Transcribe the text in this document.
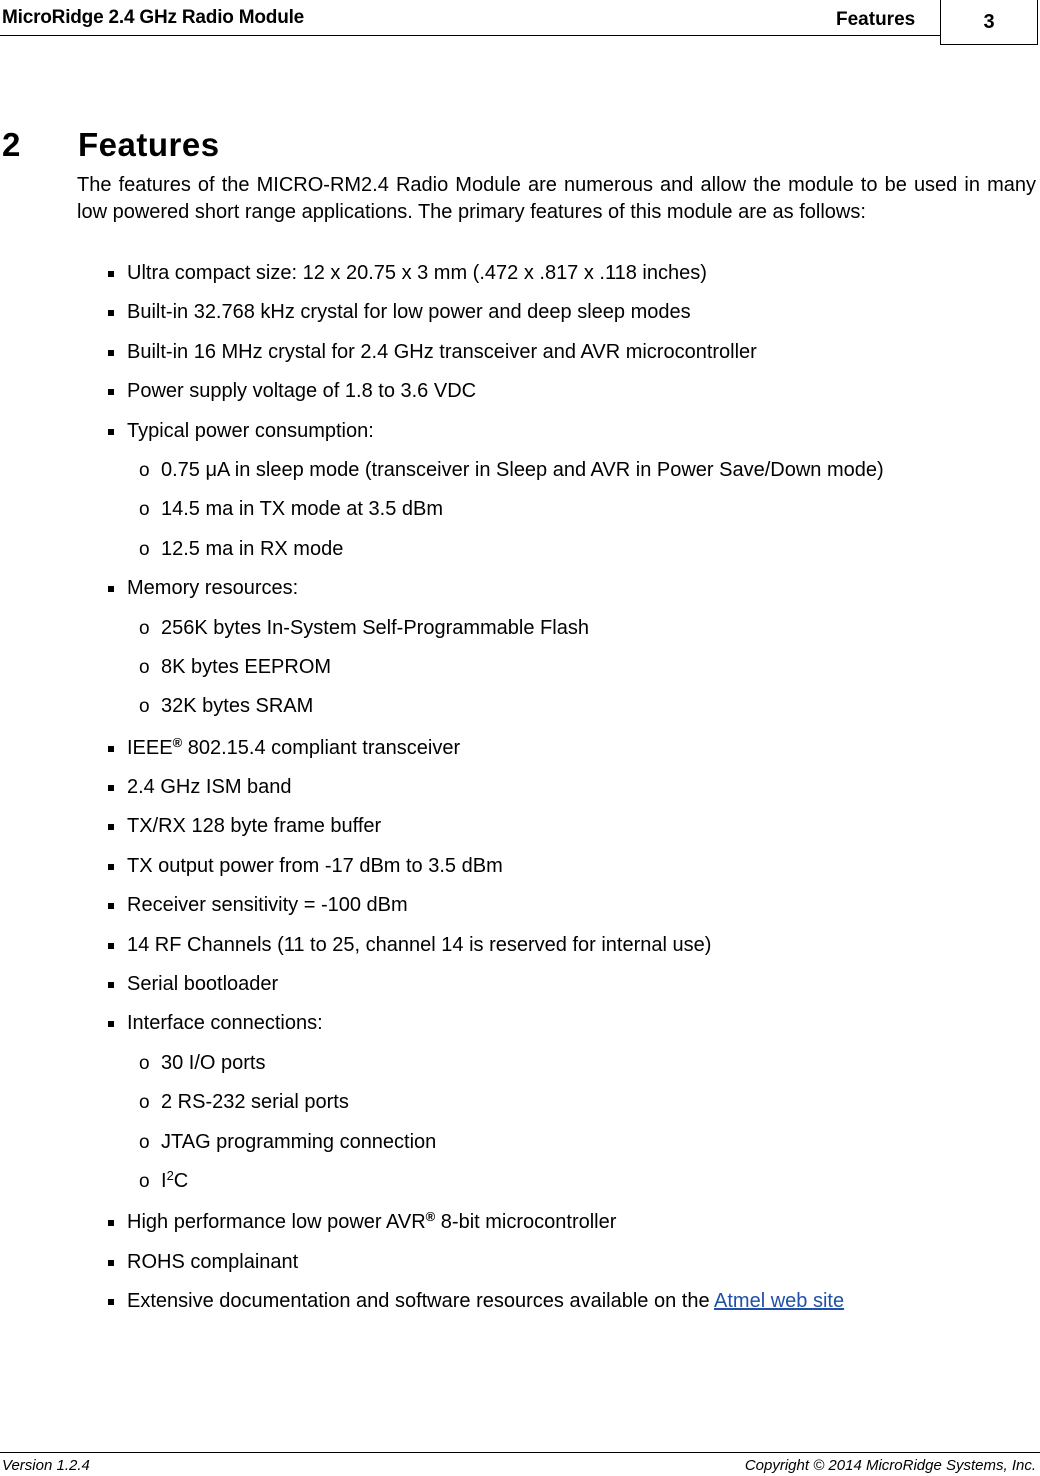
MicroRidge 2.4 GHz Radio Module	Features	3
2 Features
The features of the MICRO-RM2.4 Radio Module are numerous and allow the module to be used in many low powered short range applications. The primary features of this module are as follows:
Ultra compact size: 12 x 20.75 x 3 mm (.472 x .817 x .118 inches)
Built-in 32.768 kHz crystal for low power and deep sleep modes
Built-in 16 MHz crystal for 2.4 GHz transceiver and AVR microcontroller
Power supply voltage of 1.8 to 3.6 VDC
Typical power consumption:
o 0.75 μA in sleep mode (transceiver in Sleep and AVR in Power Save/Down mode)
o 14.5 ma in TX mode at 3.5 dBm
o 12.5 ma in RX mode
Memory resources:
o 256K bytes In-System Self-Programmable Flash
o 8K bytes EEPROM
o 32K bytes SRAM
IEEE® 802.15.4 compliant transceiver
2.4 GHz ISM band
TX/RX 128 byte frame buffer
TX output power from -17 dBm to 3.5 dBm
Receiver sensitivity = -100 dBm
14 RF Channels (11 to 25, channel 14 is reserved for internal use)
Serial bootloader
Interface connections:
o 30 I/O ports
o 2 RS-232 serial ports
o JTAG programming connection
o $I^2C$
High performance low power AVR® 8-bit microcontroller
ROHS complainant
Extensive documentation and software resources available on the Atmel web site
Version 1.2.4	Copyright © 2014 MicroRidge Systems, Inc.
